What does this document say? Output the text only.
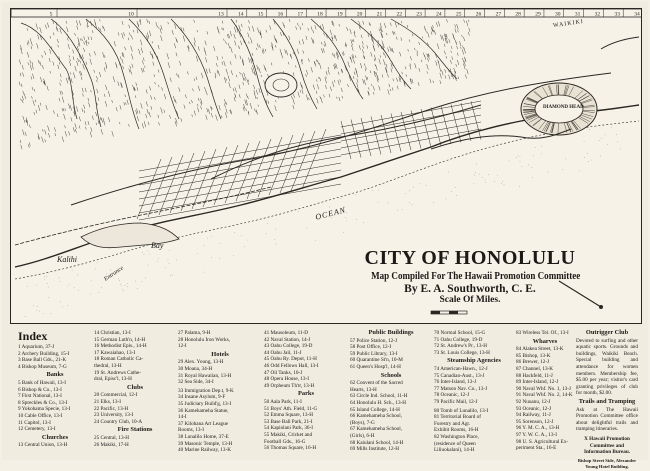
5	10	13	14	15	16	17	18	19	20	21	22	23	24	25	26	27	28	29	30	31	32	33	34
WAIKIKI
DIAMOND HEAD
OCEAN
Bay
Kalihi
Entrance
CITY OF HONOLULU
Map Compiled For The Hawaii Promotion Committee
By E. A. Southworth, C. E.
Scale Of Miles.
Index
1 Aquarium, 37-J
2 Archery Building, 15-I
3 Base Ball Gds., 21-K
4 Bishop Museum, 7-G
Banks
5 Bank of Hawaii, 13-I
6 Bishop & Co., 13-I
7 First National, 13-I
8 Spreckles & Co., 13-I
9 Yokohama Specie, 13-I
10 Cable Office, 13-I
11 Capitol, 13-I
12 Cemetery, 13-I
Churches
13 Central Union, 13-H
14 Christian, 13-I
15 German Luth'n, 14-H
16 Methodist Epis., 14-H
17 Kawaiahao, 13-I
18 Roman Catholic Ca-
thedral, 13-H
19 St. Andrews Cathe-
dral, Episc'l, 13-H
Clubs
20 Commercial, 12-I
21 Elks, 13-I
22 Pacific, 13-H
23 University, 13-I
24 Country Club, 10-A
Fire Stations
25 Central, 13-H
26 Makiki, 17-H
27 Palama, 9-H
28 Honolulu Iron Works,
12-I
Hotels
29 Alex. Young, 13-H
30 Moana, 34-H
31 Royal Hawaiian, 13-H
32 Sea Side, 34-I
33 Immigration Dep.t, 9-K
34 Insane Asylum, 9-F
35 Judiciary Build'g, 13-I
36 Kamehameha Statue,
14-I
37 Kilohana Art League
Rooms, 13-I
38 Lunalilo Home, 37-E
39 Masonic Temple, 13-H
40 Marine Railway, 13-K
41 Mausoleum, 11-D
42 Naval Station, 14-J
43 Oahu College, 19-D
44 Oahu Jail, 11-J
45 Oahu Ry. Depot, 11-H
46 Odd Fellows Hall, 13-I
47 Oil Tanks, 10-J
48 Opera House, 13-I
49 Orpheum Th'tr, 13-H
Parks
50 Aala Park, 11-I
51 Boys' Ath. Field, 11-G
52 Emma Square, 13-H
53 Base Ball Park, 21-I
54 Kapiolani Park, 36-I
55 Makiki, Cricket and
Football Gds., 16-G
56 Thomas Square, 16-H
Public Buildings
57 Police Station, 12-J
58 Post Office, 12-I
59 Public Library, 13-I
60 Quarantine St'n, 10-M
61 Queen's Hosp'l, 14-H
Schools
62 Convent of the Sacred
Hearts, 13-H
63 Circle Ind. School, 11-H
64 Honolulu H. Sch., 13-H
65 Island College, 14-H
66 Kamehameha School,
(Boys), 7-G
67 Kamehameha School,
(Girls), 6-H
68 Kaiulani School, 14-H
69 Mills Institute, 12-H
70 Normal School, 15-G
71 Oahu College, 19-D
72 St. Andrew's Pr., 13-H
73 St. Louis College, 13-H
Steamship Agencies
74 American-Hawn., 12-J
75 Canadian-Aust., 13-J
76 Inter-Island, 13-J
77 Matson Nav. Co., 13-J
78 Oceanic, 12-J
79 Pacific Mail, 12-J
80 Tomb of Lunalilo, 13-I
81 Territorial Board of
Forestry and Agr.
Exhibit Rooms, 16-H
82 Washington Place,
(residence of Queen
Liliuokalani), 14-H
83 Wireless Tel. Of., 13-I
Wharves
84 Alakea Street, 13-K
85 Bishop, 13-K
86 Brewer, 12-J
87 Channel, 13-K
88 Hackfeld, 11-J
89 Inter-Island, 12-J
90 Naval Whf. No. 1, 13-J
91 Naval Whf. No. 2, 14-K
92 Nuuanu, 12-J
93 Oceanic, 12-J
94 Railway, 11-J
95 Sorenson, 12-J
96 Y. M. C. A., 13-H
97 Y. W. C. A., 13-I
98 U. S. Agricultural Ex-
periment Sta., 16-E
Outrigger Club
Devoted to surfing and other aquatic sports. Grounds and buildings, Waikiki Beach. Special building and attendance for women members. Membership fee, $5.00 per year; visitor's card granting privileges of club for month, $2.00.
Trails and Tramping
Ask at The Hawaii Promotion Committee office about delightful trails and tramping itineraries.
X Hawaii Promotion Committee and Information Bureau.
Bishop Street Side, Alexander Young Hotel Building.
